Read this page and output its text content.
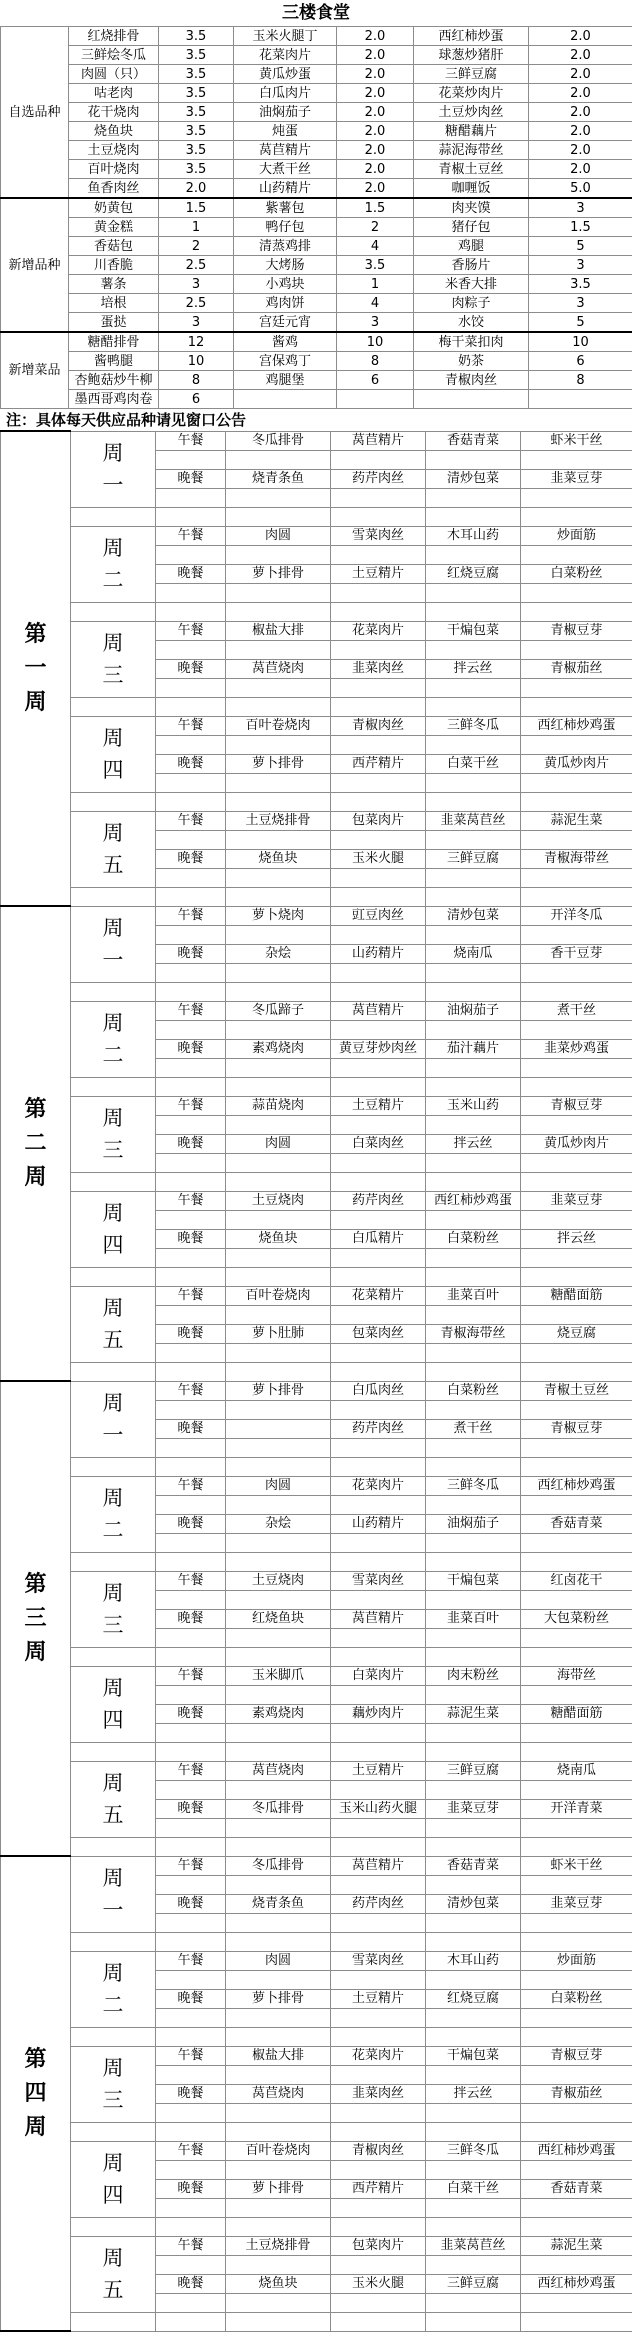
三楼食堂
自选品种	红烧排骨	3.5	玉米火腿丁	2.0	西红柿炒蛋	2.0
	三鲜烩冬瓜	3.5	花菜肉片	2.0	球葱炒猪肝	2.0
	肉圆（只）	3.5	黄瓜炒蛋	2.0	三鲜豆腐	2.0
	咕老肉	3.5	白瓜肉片	2.0	花菜炒肉片	2.0
	花干烧肉	3.5	油焖茄子	2.0	土豆炒肉丝	2.0
	烧鱼块	3.5	炖蛋	2.0	糖醋藕片	2.0
	土豆烧肉	3.5	莴苣精片	2.0	蒜泥海带丝	2.0
	百叶烧肉	3.5	大煮干丝	2.0	青椒土豆丝	2.0
	鱼香肉丝	2.0	山药精片	2.0	咖喱饭	5.0
新增品种	奶黄包	1.5	紫薯包	1.5	肉夹馍	3
	黄金糕	1	鸭仔包	2	猪仔包	1.5
	香菇包	2	清蒸鸡排	4	鸡腿	5
	川香脆	2.5	大烤肠	3.5	香肠片	3
	薯条	3	小鸡块	1	米香大排	3.5
	培根	2.5	鸡肉饼	4	肉粽子	3
	蛋挞	3	宫廷元宵	3	水饺	5
新增菜品	糖醋排骨	12	酱鸡	10	梅干菜扣肉	10
	酱鸭腿	10	宫保鸡丁	8	奶茶	6
	杏鲍菇炒牛柳	8	鸡腿堡	6	青椒肉丝	8
	墨西哥鸡肉卷	6				
注：具体每天供应品种请见窗口公告
第一周	周一	午餐	冬瓜排骨	莴苣精片	香菇青菜	虾米干丝

		晚餐	烧青条鱼	药芹肉丝	清炒包菜	韭菜豆芽

	周二	午餐	肉圆	雪菜肉丝	木耳山药	炒面筋

		晚餐	萝卜排骨	土豆精片	红烧豆腐	白菜粉丝

	周三	午餐	椒盐大排	花菜肉片	干煸包菜	青椒豆芽

		晚餐	莴苣烧肉	韭菜肉丝	拌云丝	青椒茄丝

	周四	午餐	百叶卷烧肉	青椒肉丝	三鲜冬瓜	西红柿炒鸡蛋

		晚餐	萝卜排骨	西芹精片	白菜干丝	黄瓜炒肉片

	周五	午餐	土豆烧排骨	包菜肉片	韭菜莴苣丝	蒜泥生菜

		晚餐	烧鱼块	玉米火腿	三鲜豆腐	青椒海带丝

第二周	周一	午餐	萝卜烧肉	豇豆肉丝	清炒包菜	开洋冬瓜

		晚餐	杂烩	山药精片	烧南瓜	香干豆芽

	周二	午餐	冬瓜蹄子	莴苣精片	油焖茄子	煮干丝

		晚餐	素鸡烧肉	黄豆芽炒肉丝	茄汁藕片	韭菜炒鸡蛋

	周三	午餐	蒜苗烧肉	土豆精片	玉米山药	青椒豆芽

		晚餐	肉圆	白菜肉丝	拌云丝	黄瓜炒肉片

	周四	午餐	土豆烧肉	药芹肉丝	西红柿炒鸡蛋	韭菜豆芽

		晚餐	烧鱼块	白瓜精片	白菜粉丝	拌云丝

	周五	午餐	百叶卷烧肉	花菜精片	韭菜百叶	糖醋面筋

		晚餐	萝卜肚肺	包菜肉丝	青椒海带丝	烧豆腐

第三周	周一	午餐	萝卜排骨	白瓜肉丝	白菜粉丝	青椒土豆丝

		晚餐		药芹肉丝	煮干丝	青椒豆芽

	周二	午餐	肉圆	花菜肉片	三鲜冬瓜	西红柿炒鸡蛋

		晚餐	杂烩	山药精片	油焖茄子	香菇青菜

	周三	午餐	土豆烧肉	雪菜肉丝	干煸包菜	红卤花干

		晚餐	红烧鱼块	莴苣精片	韭菜百叶	大包菜粉丝

	周四	午餐	玉米脚爪	白菜肉片	肉末粉丝	海带丝

		晚餐	素鸡烧肉	藕炒肉片	蒜泥生菜	糖醋面筋

	周五	午餐	莴苣烧肉	土豆精片	三鲜豆腐	烧南瓜

		晚餐	冬瓜排骨	玉米山药火腿	韭菜豆芽	开洋青菜

第四周	周一	午餐	冬瓜排骨	莴苣精片	香菇青菜	虾米干丝

		晚餐	烧青条鱼	药芹肉丝	清炒包菜	韭菜豆芽

	周二	午餐	肉圆	雪菜肉丝	木耳山药	炒面筋

		晚餐	萝卜排骨	土豆精片	红烧豆腐	白菜粉丝

	周三	午餐	椒盐大排	花菜肉片	干煸包菜	青椒豆芽

		晚餐	莴苣烧肉	韭菜肉丝	拌云丝	青椒茄丝

	周四	午餐	百叶卷烧肉	青椒肉丝	三鲜冬瓜	西红柿炒鸡蛋

		晚餐	萝卜排骨	西芹精片	白菜干丝	香菇青菜

	周五	午餐	土豆烧排骨	包菜肉片	韭菜莴苣丝	蒜泥生菜

		晚餐	烧鱼块	玉米火腿	三鲜豆腐	西红柿炒鸡蛋
